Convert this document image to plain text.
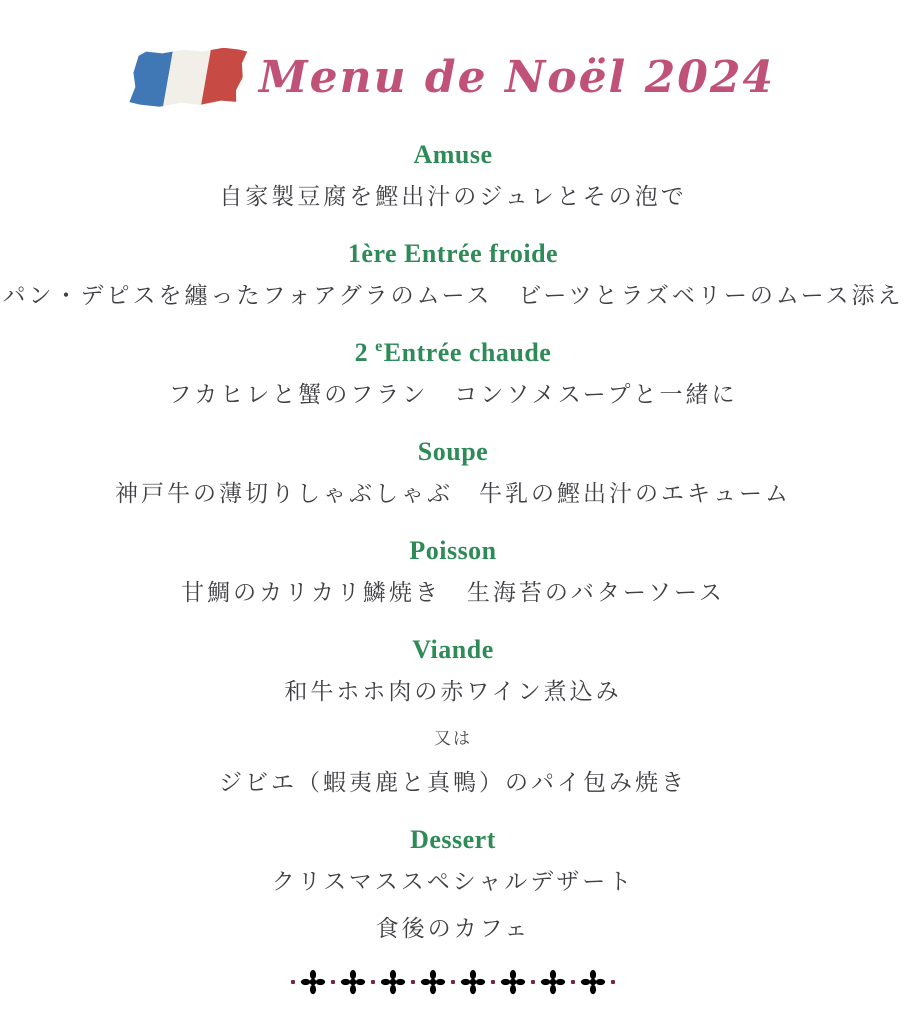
Menu de Noël 2024
Amuse
自家製豆腐を鰹出汁のジュレとその泡で
1ère Entrée froide
パン・デピスを纏ったフォアグラのムース　ビーツとラズベリーのムース添え
2 $^e$Entrée chaude
フカヒレと蟹のフラン　コンソメスープと一緒に
Soupe
神戸牛の薄切りしゃぶしゃぶ　牛乳の鰹出汁のエキューム
Poisson
甘鯛のカリカリ鱗焼き　生海苔のバターソース
Viande
和牛ホホ肉の赤ワイン煮込み
又は
ジビエ（蝦夷鹿と真鴨）のパイ包み焼き
Dessert
クリスマススペシャルデザート
食後のカフェ
